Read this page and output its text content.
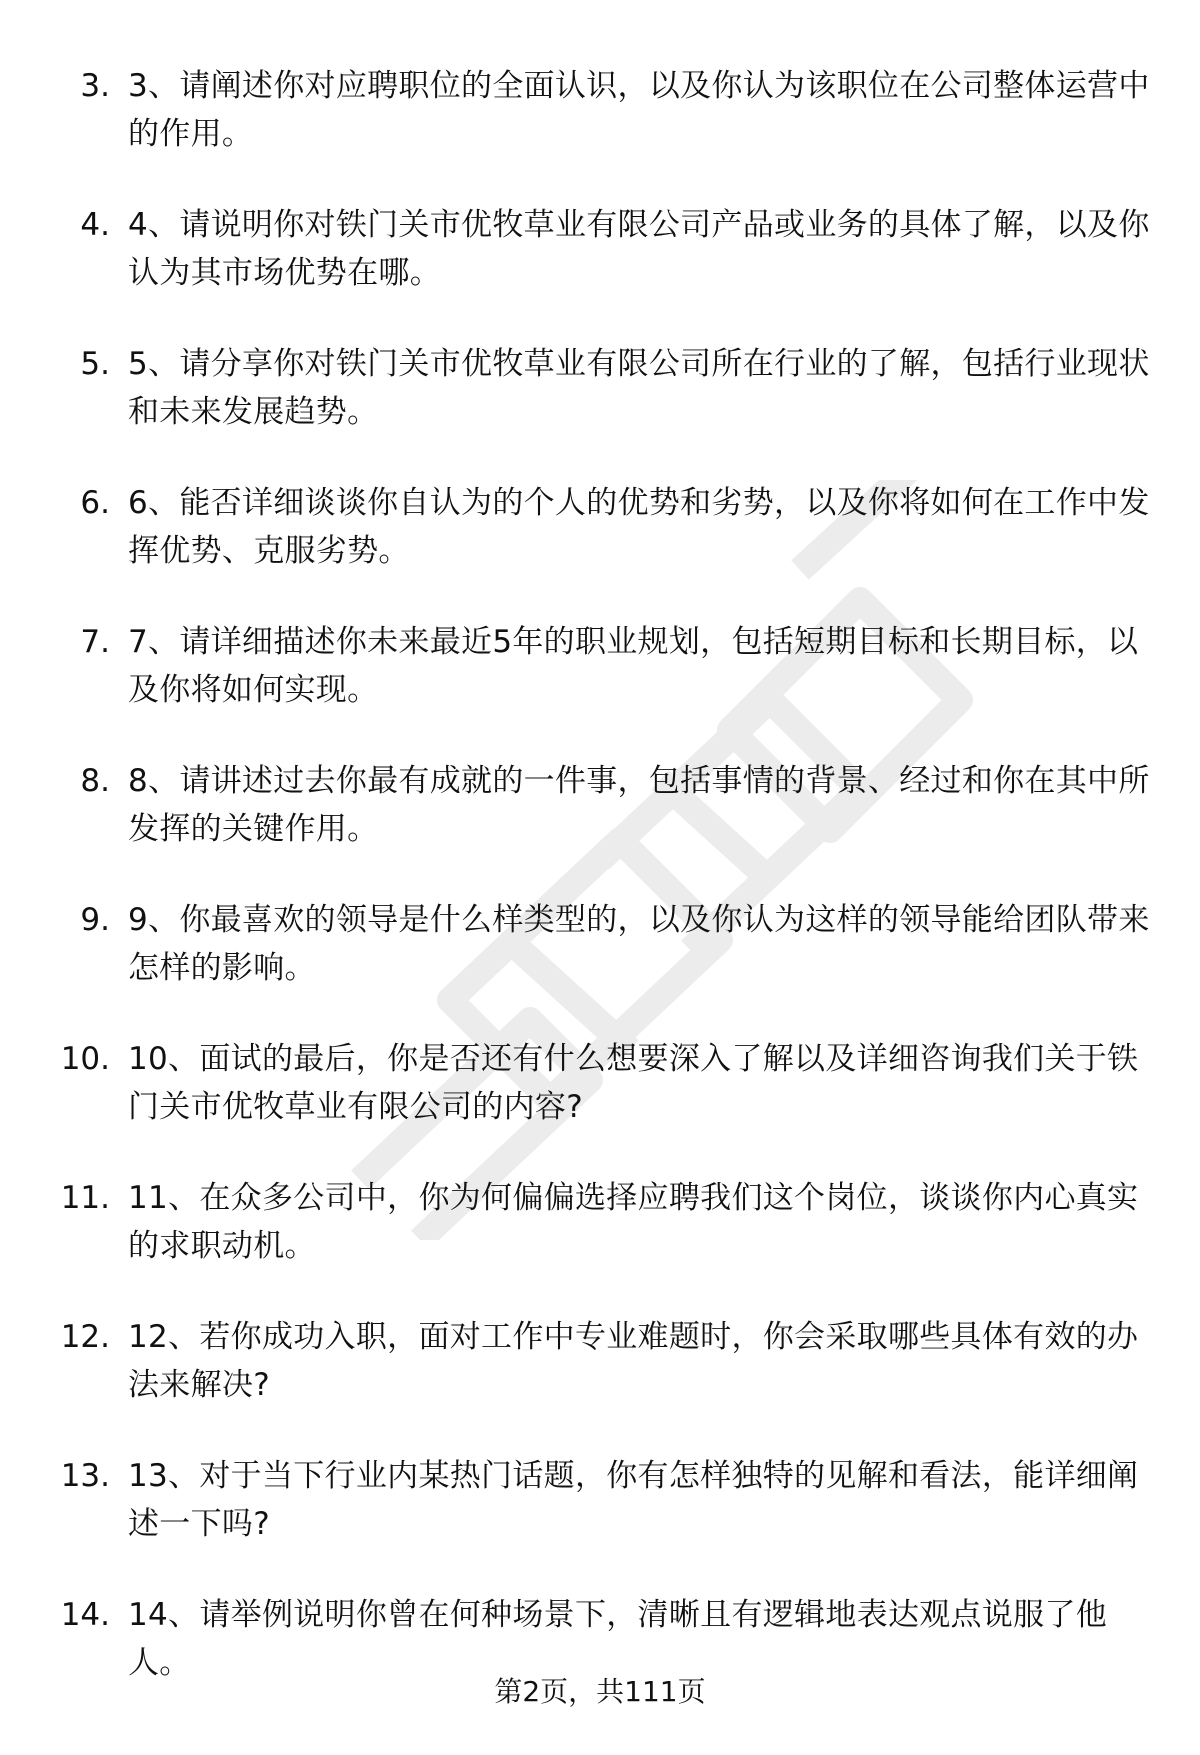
3. 3、请阐述你对应聘职位的全面认识，以及你认为该职位在公司整体运营中的作用。
4. 4、请说明你对铁门关市优牧草业有限公司产品或业务的具体了解，以及你认为其市场优势在哪。
5. 5、请分享你对铁门关市优牧草业有限公司所在行业的了解，包括行业现状和未来发展趋势。
6. 6、能否详细谈谈你自认为的个人的优势和劣势，以及你将如何在工作中发挥优势、克服劣势。
7. 7、请详细描述你未来最近5年的职业规划，包括短期目标和长期目标，以及你将如何实现。
8. 8、请讲述过去你最有成就的一件事，包括事情的背景、经过和你在其中所发挥的关键作用。
9. 9、你最喜欢的领导是什么样类型的，以及你认为这样的领导能给团队带来怎样的影响。
10. 10、面试的最后，你是否还有什么想要深入了解以及详细咨询我们关于铁门关市优牧草业有限公司的内容?
11. 11、在众多公司中，你为何偏偏选择应聘我们这个岗位，谈谈你内心真实的求职动机。
12. 12、若你成功入职，面对工作中专业难题时，你会采取哪些具体有效的办法来解决?
13. 13、对于当下行业内某热门话题，你有怎样独特的见解和看法，能详细阐述一下吗?
14. 14、请举例说明你曾在何种场景下，清晰且有逻辑地表达观点说服了他人。
第2页，共111页
